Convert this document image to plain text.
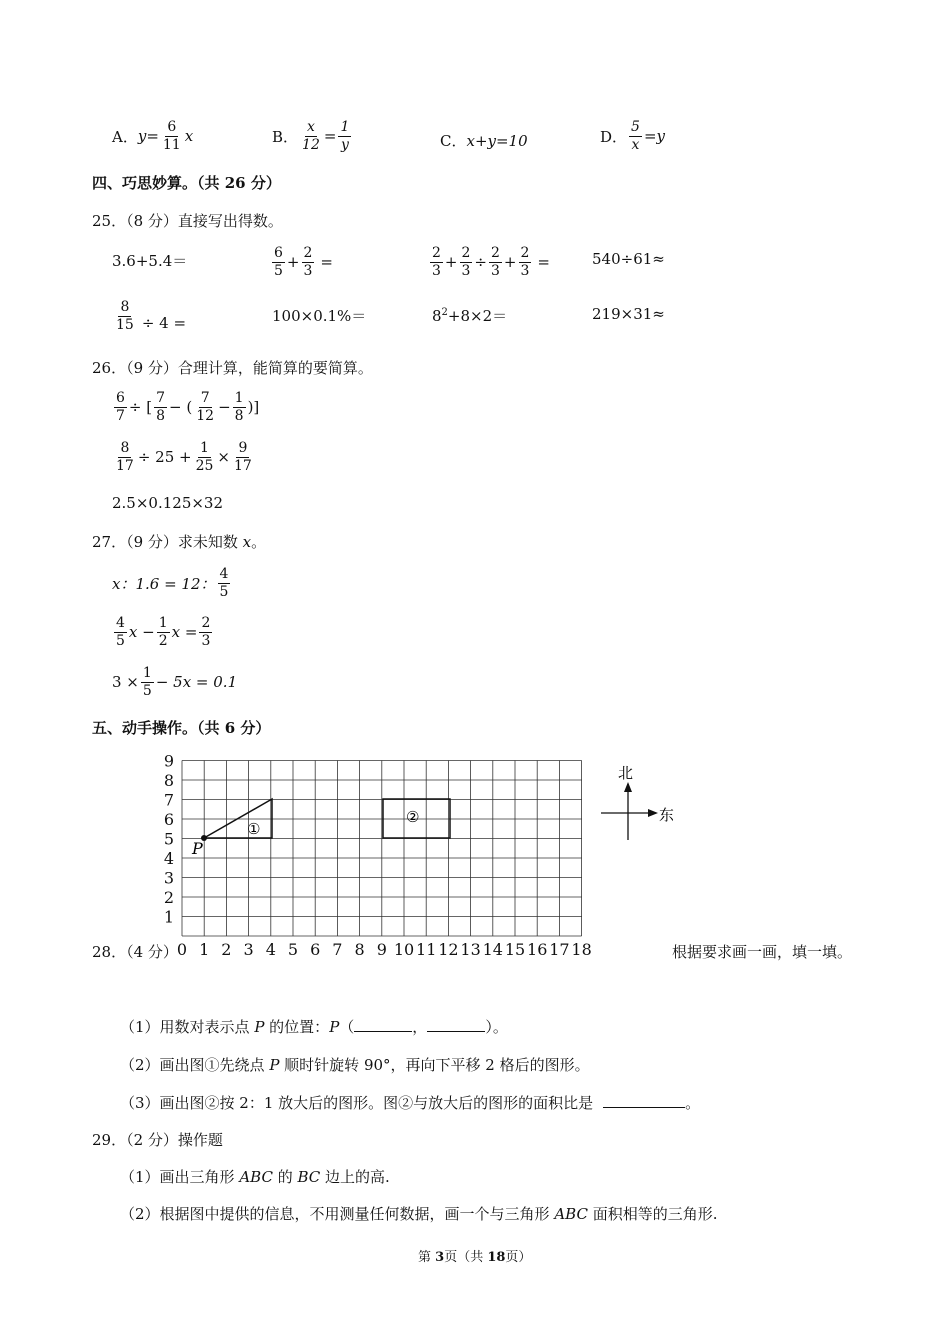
A． $y= \frac{6}{11}$ x	B． $\frac{x}{12} = \frac{1}{y}$	C．x+y=10	D． $\frac{5}{x} =y$
四、巧思妙算。（共 26 分）
25．（8 分）直接写出得数。
3.6+5.4＝	$\frac{6}{5} + \frac{2}{3}$ =	$\frac{2}{3} + \frac{2}{3} \div \frac{2}{3} + \frac{2}{3}$ =	540÷61≈
$\frac{8}{15} \div 4$ =	100×0.1%＝	$8^2+8\times 2=$	219×31≈
26．（9 分）合理计算，能简算的要简算。
$\frac{6}{7}$ ÷ [ $\frac{7}{8}$ − ( $\frac{7}{12} - \frac{1}{8}$ )]
$\frac{8}{17} \div 25 + \frac{1}{25} \times \frac{9}{17}$
2.5×0.125×32
27．（9 分）求未知数 x。
x：1.6 = 12： $\frac{4}{5}$
$\frac{4}{5}$ $x - \frac{1}{2}$ $x = \frac{2}{3}$
$3 \times \frac{1}{5} - 5x = 0.1$
五、动手操作。（共 6 分）
0 1 2 3 4 5 6 7 8 9 10 11 12 13 14 15 16 17 18
1
2
3
4
5
6
7
8
9
P
①
②
北
东
28．（4 分）	根据要求画一画，填一填。
（1）用数对表示点 P 的位置：P（	，	）。
（2）画出图①先绕点 P 顺时针旋转 90°，再向下平移 2 格后的图形。
（3）画出图②按 2：1 放大后的图形。图②与放大后的图形的面积比是	。
29．（2 分）操作题
（1）画出三角形 ABC 的 BC 边上的高.
（2）根据图中提供的信息，不用测量任何数据，画一个与三角形 ABC 面积相等的三角形.
第 3页（共 18页）
